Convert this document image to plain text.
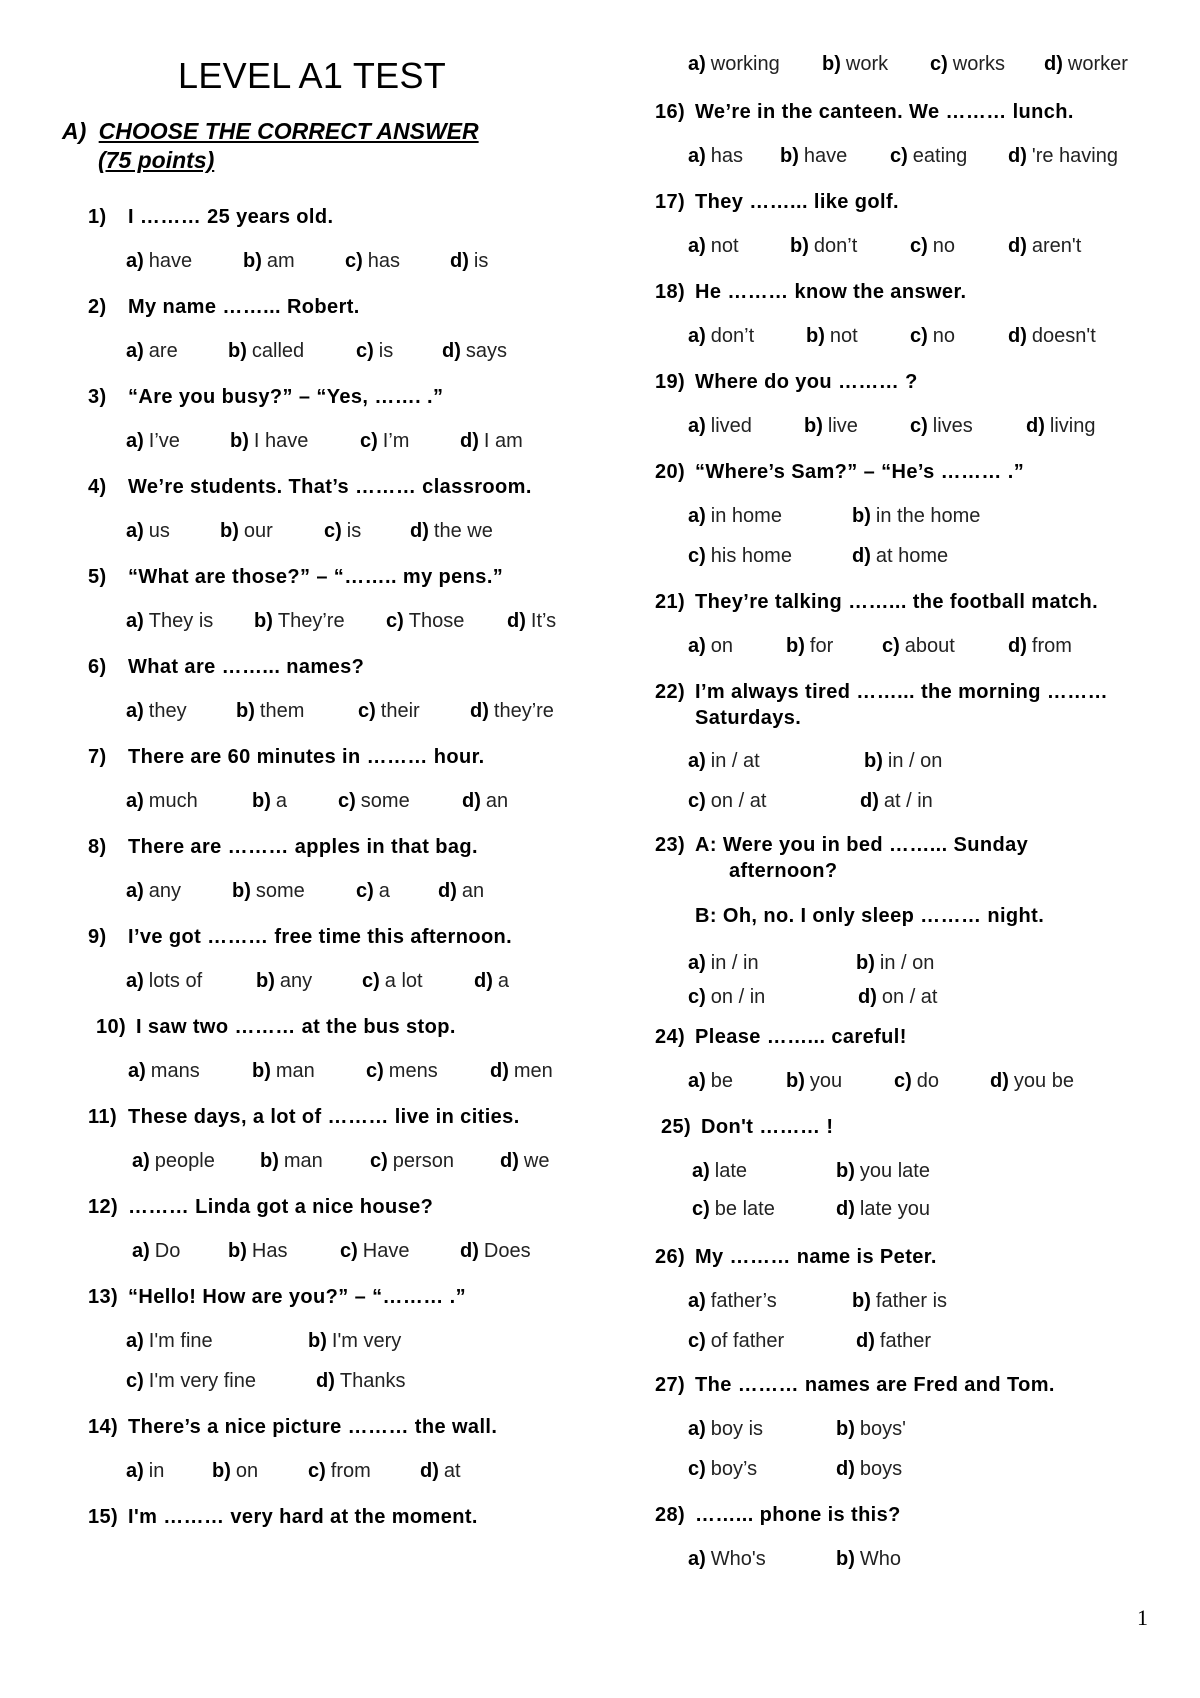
LEVEL A1 TEST
A) CHOOSE THE CORRECT ANSWER
(75 points)
1) I ……… 25 years old.
a) have	b) am	c) has d) is
2) My name ……... Robert.
a) are	b) called	c) is d) says
3) “Are you busy?” – “Yes, ……. .”
a) I’ve	b) I have	c) I’m	d) I am
4) We’re students. That’s ……… classroom.
a) us	b) our	c) is d) the we
5) “What are those?” – “…….. my pens.”
a) They is b) They’re c) Those d) It’s
6) What are ……... names?
a) they b) them	c) their	d) they’re
7) There are 60 minutes in ……… hour.
a) much	b) a	c) some	d) an
8) There are ……… apples in that bag.
a) any	b) some	c) a d) an
9) I’ve got ……… free time this afternoon.
a) lots of	b) any c) a lot	d) a
10) I saw two ……… at the bus stop.
a) mans	b) man	c) mens	d) men
11) These days, a lot of ……… live in cities.
a) people b) man c) person d) we
12) ……… Linda got a nice house?
a) Do b) Has	c) Have	d) Does
13) “Hello! How are you?” – “……… .”
a) I'm fine	b) I'm very
c) I'm very fine	d) Thanks
14) There’s a nice picture ……… the wall.
a) in b) on c) from d) at
15) I'm ……… very hard at the moment.
a) working b) work c) works d) worker
16) We’re in the canteen. We ……… lunch.
a) has b) have c) eating d) 're having
17) They ……... like golf.
a) not	b) don’t	c) no	d) aren't
18) He ……… know the answer.
a) don’t	b) not	c) no	d) doesn't
19) Where do you ……… ?
a) lived	b) live	c) lives	d) living
20) “Where’s Sam?” – “He’s ……… .”
a) in home	b) in the home
c) his home	d) at home
21) They’re talking ……... the football match.
a) on	b) for c) about	d) from
22) I’m always tired ……... the morning ………
Saturdays.
a) in / at	b) in / on
c) on / at	d) at / in
23) A: Were you in bed ……... Sunday
afternoon?
B: Oh, no. I only sleep ……… night.
a) in / in	b) in / on
c) on / in	d) on / at
24) Please ……... careful!
a) be	b) you	c) do	d) you be
25) Don't ……… !
a) late	b) you late
c) be late	d) late you
26) My ……… name is Peter.
a) father’s	b) father is
c) of father	d) father
27) The ……… names are Fred and Tom.
a) boy is	b) boys'
c) boy’s	d) boys
28) ……... phone is this?
a) Who's	b) Who
1
